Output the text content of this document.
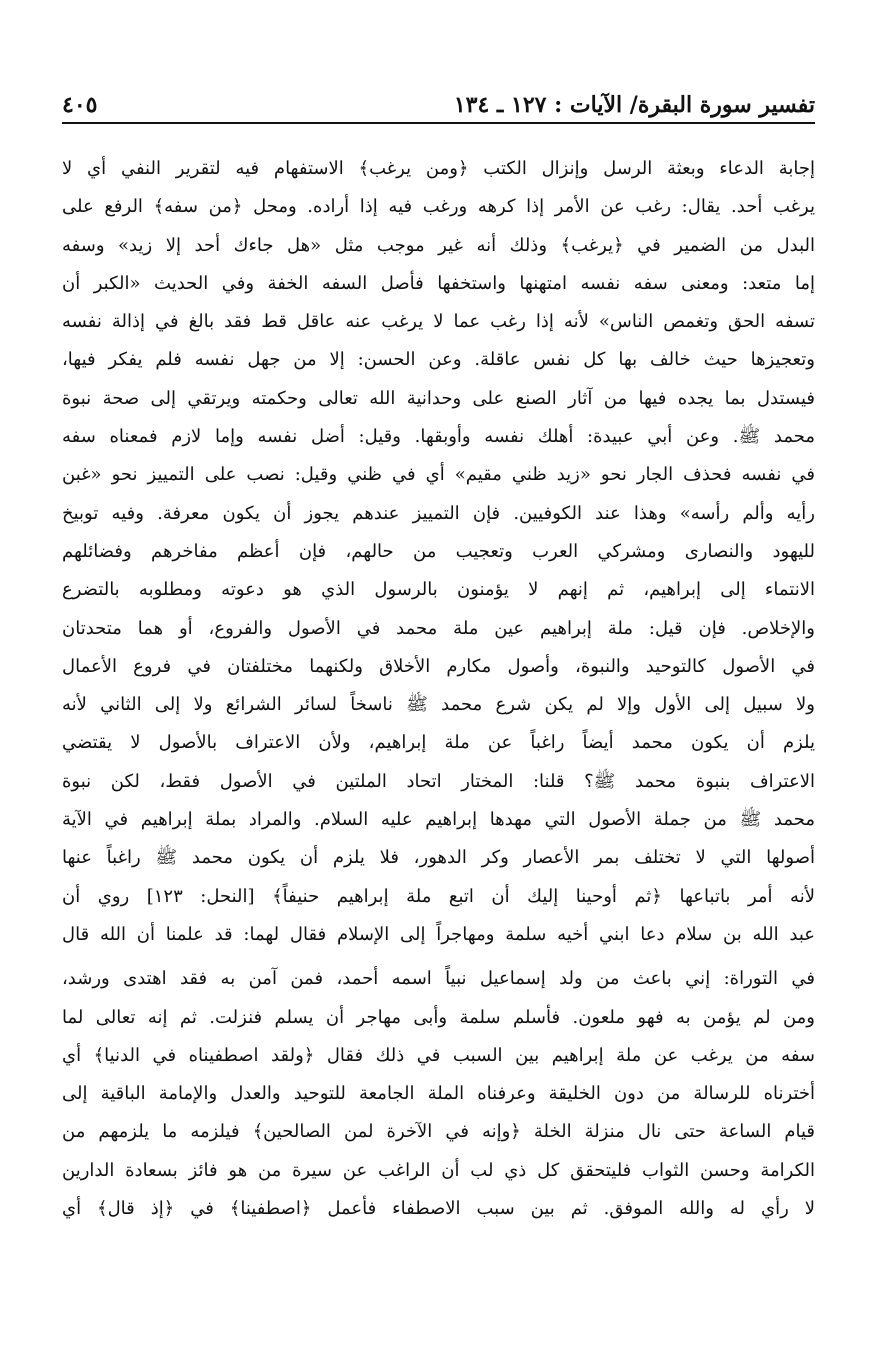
تفسير سورة البقرة/ الآيات : ١٢٧ ـ ١٣٤
٤٠٥
إجابة الدعاء وبعثة الرسل وإنزال الكتب ﴿ومن يرغب﴾ الاستفهام فيه لتقرير النفي أي لا
يرغب أحد. يقال: رغب عن الأمر إذا كرهه ورغب فيه إذا أراده. ومحل ﴿من سفه﴾ الرفع على
البدل من الضمير في ﴿يرغب﴾ وذلك أنه غير موجب مثل «هل جاءك أحد إلا زيد» وسفه
إما متعد: ومعنى سفه نفسه امتهنها واستخفها فأصل السفه الخفة وفي الحديث «الكبر أن
تسفه الحق وتغمص الناس» لأنه إذا رغب عما لا يرغب عنه عاقل قط فقد بالغ في إذالة نفسه
وتعجيزها حيث خالف بها كل نفس عاقلة. وعن الحسن: إلا من جهل نفسه فلم يفكر فيها،
فيستدل بما يجده فيها من آثار الصنع على وحدانية الله تعالى وحكمته ويرتقي إلى صحة نبوة
محمد ﷺ. وعن أبي عبيدة: أهلك نفسه وأوبقها. وقيل: أضل نفسه وإما لازم فمعناه سفه
في نفسه فحذف الجار نحو «زيد ظني مقيم» أي في ظني وقيل: نصب على التمييز نحو «غبن
رأيه وألم رأسه» وهذا عند الكوفيين. فإن التمييز عندهم يجوز أن يكون معرفة. وفيه توبيخ
لليهود والنصارى ومشركي العرب وتعجيب من حالهم، فإن أعظم مفاخرهم وفضائلهم
الانتماء إلى إبراهيم، ثم إنهم لا يؤمنون بالرسول الذي هو دعوته ومطلوبه بالتضرع
والإخلاص. فإن قيل: ملة إبراهيم عين ملة محمد في الأصول والفروع، أو هما متحدتان
في الأصول كالتوحيد والنبوة، وأصول مكارم الأخلاق ولكنهما مختلفتان في فروع الأعمال
ولا سبيل إلى الأول وإلا لم يكن شرع محمد ﷺ ناسخاً لسائر الشرائع ولا إلى الثاني لأنه
يلزم أن يكون محمد أيضاً راغباً عن ملة إبراهيم، ولأن الاعتراف بالأصول لا يقتضي
الاعتراف بنبوة محمد ﷺ؟ قلنا: المختار اتحاد الملتين في الأصول فقط، لكن نبوة
محمد ﷺ من جملة الأصول التي مهدها إبراهيم عليه السلام. والمراد بملة إبراهيم في الآية
أصولها التي لا تختلف بمر الأعصار وكر الدهور، فلا يلزم أن يكون محمد ﷺ راغباً عنها
لأنه أمر باتباعها ﴿ثم أوحينا إليك أن اتبع ملة إبراهيم حنيفاً﴾ [النحل: ١٢٣] روي أن
عبد الله بن سلام دعا ابني أخيه سلمة ومهاجراً إلى الإسلام فقال لهما: قد علمنا أن الله قال
في التوراة: إني باعث من ولد إسماعيل نبياً اسمه أحمد، فمن آمن به فقد اهتدى ورشد،
ومن لم يؤمن به فهو ملعون. فأسلم سلمة وأبى مهاجر أن يسلم فنزلت. ثم إنه تعالى لما
سفه من يرغب عن ملة إبراهيم بين السبب في ذلك فقال ﴿ولقد اصطفيناه في الدنيا﴾ أي
أخترناه للرسالة من دون الخليقة وعرفناه الملة الجامعة للتوحيد والعدل والإمامة الباقية إلى
قيام الساعة حتى نال منزلة الخلة ﴿وإنه في الآخرة لمن الصالحين﴾ فيلزمه ما يلزمهم من
الكرامة وحسن الثواب فليتحقق كل ذي لب أن الراغب عن سيرة من هو فائز بسعادة الدارين
لا رأي له والله الموفق. ثم بين سبب الاصطفاء فأعمل ﴿اصطفينا﴾ في ﴿إذ قال﴾ أي
